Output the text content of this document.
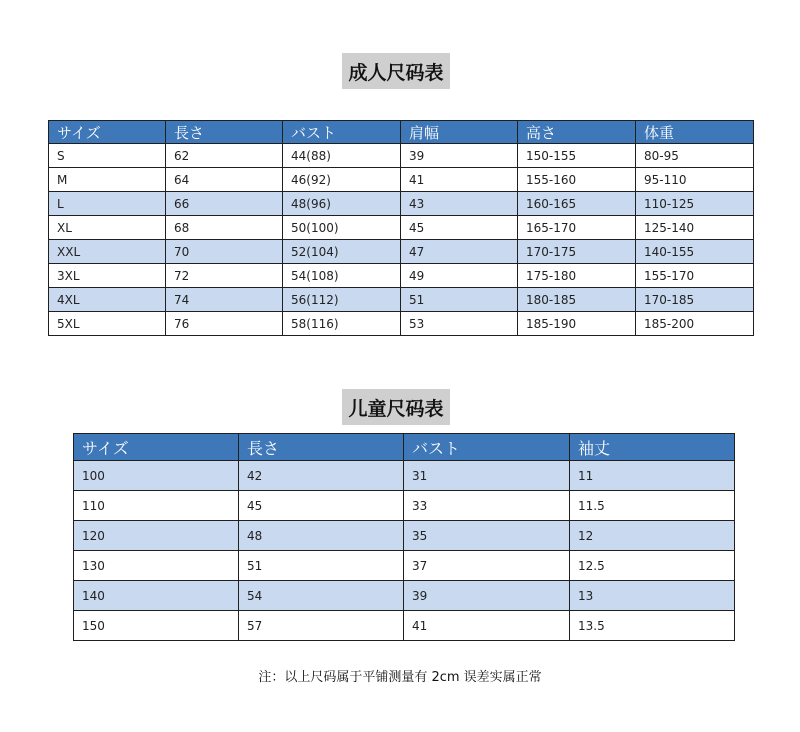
成人尺码表
サイズ	長さ	バスト	肩幅	高さ	体重
S	62	44(88)	39	150-155	80-95
M	64	46(92)	41	155-160	95-110
L	66	48(96)	43	160-165	110-125
XL	68	50(100)	45	165-170	125-140
XXL	70	52(104)	47	170-175	140-155
3XL	72	54(108)	49	175-180	155-170
4XL	74	56(112)	51	180-185	170-185
5XL	76	58(116)	53	185-190	185-200
儿童尺码表
サイズ	長さ	バスト	袖丈
100	42	31	11
110	45	33	11.5
120	48	35	12
130	51	37	12.5
140	54	39	13
150	57	41	13.5
注：以上尺码属于平铺测量有 2cm 误差实属正常
